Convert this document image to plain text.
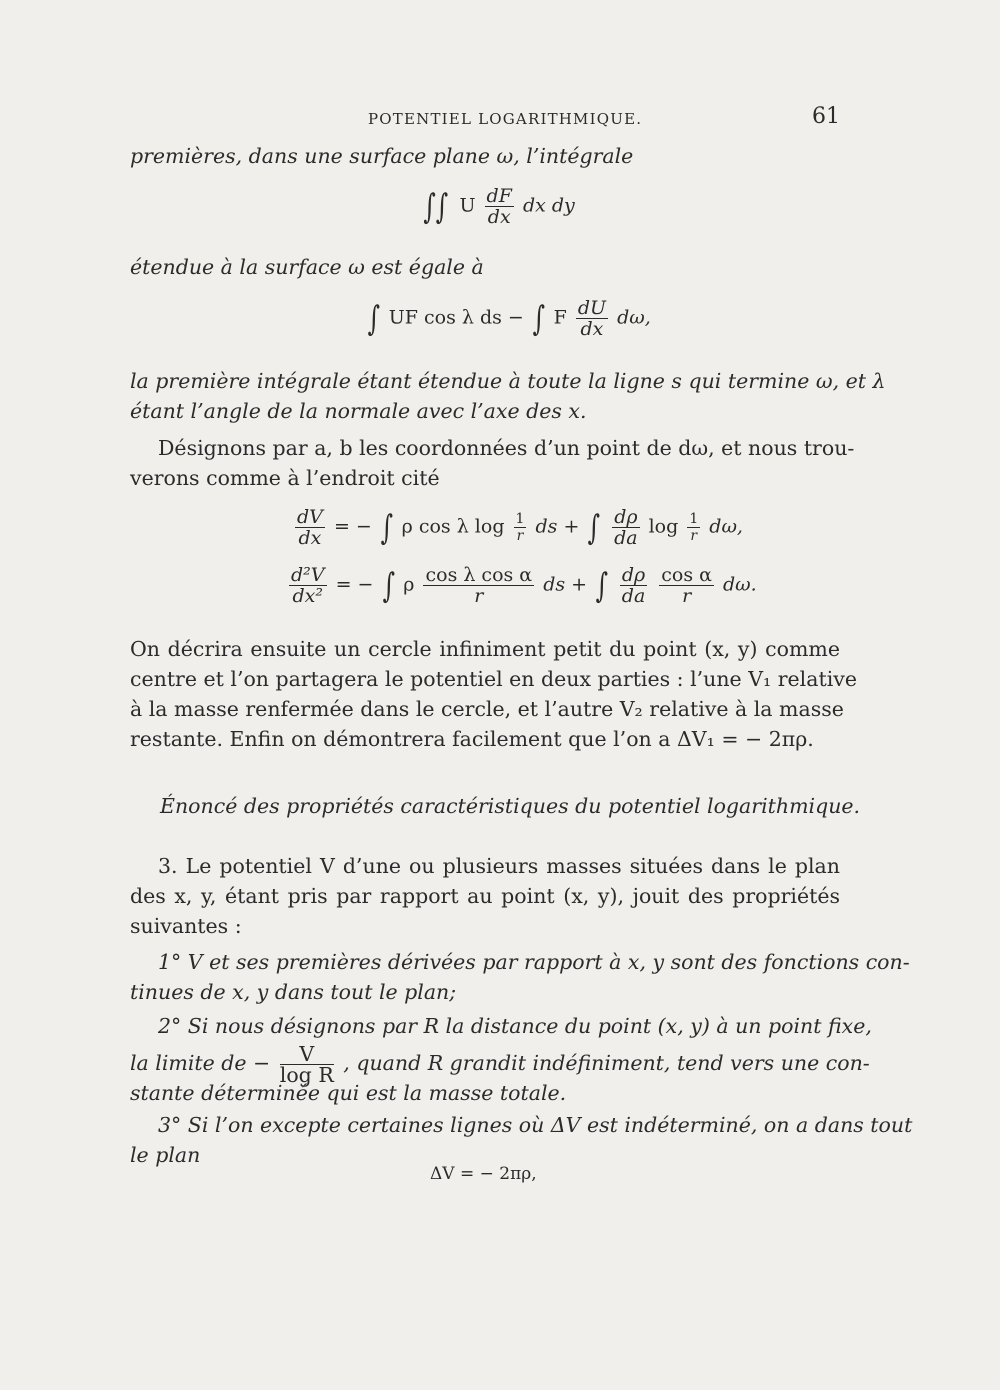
POTENTIEL LOGARITHMIQUE.	61
premières, dans une surface plane ω, l’intégrale
∫∫ U $\frac{dF}{dx}$ dx dy
étendue à la surface ω est égale à
∫ UF cos λ ds − ∫ F $\frac{dU}{dx} d\omega$,
la première intégrale étant étendue à toute la ligne s qui termine ω, et λ
étant l’angle de la normale avec l’axe des x.
Désignons par a, b les coordonnées d’un point de dω, et nous trou-
verons comme à l’endroit cité
$\frac{dV}{dx}$ = − ∫ ρ cos λ $\log \frac{1}{r}$ ds + ∫ $\frac{d\rho}{da}$ $\log \frac{1}{r} d\omega$,
$\frac{\text{d²V}}{\text{dx²}}$ = − ∫ ρ $\frac{\text{cos λ cos α}}{r}$ ds + ∫ $\frac{d\rho}{da}$
$\frac{\text{cos α}}{r} d\omega$.
On décrira ensuite un cercle infiniment petit du point (x, y) comme
centre et l’on partagera le potentiel en deux parties : l’une V₁ relative
à la masse renfermée dans le cercle, et l’autre V₂ relative à la masse
restante. Enfin on démontrera facilement que l’on a ΔV₁ = − 2πρ.
Énoncé des propriétés caractéristiques du potentiel logarithmique.
3. Le potentiel V d’une ou plusieurs masses situées dans le plan
des x, y, étant pris par rapport au point (x, y), jouit des propriétés
suivantes :
1° V et ses premières dérivées par rapport à x, y sont des fonctions con-
tinues de x, y dans tout le plan;
2° Si nous désignons par R la distance du point (x, y) à un point fixe,
la limite de − $\frac{V}{\text{log R}}$ , quand R grandit indéfiniment, tend vers une con-
stante déterminée qui est la masse totale.
3° Si l’on excepte certaines lignes où ΔV est indéterminé, on a dans tout
le plan
ΔV = − 2πρ,
